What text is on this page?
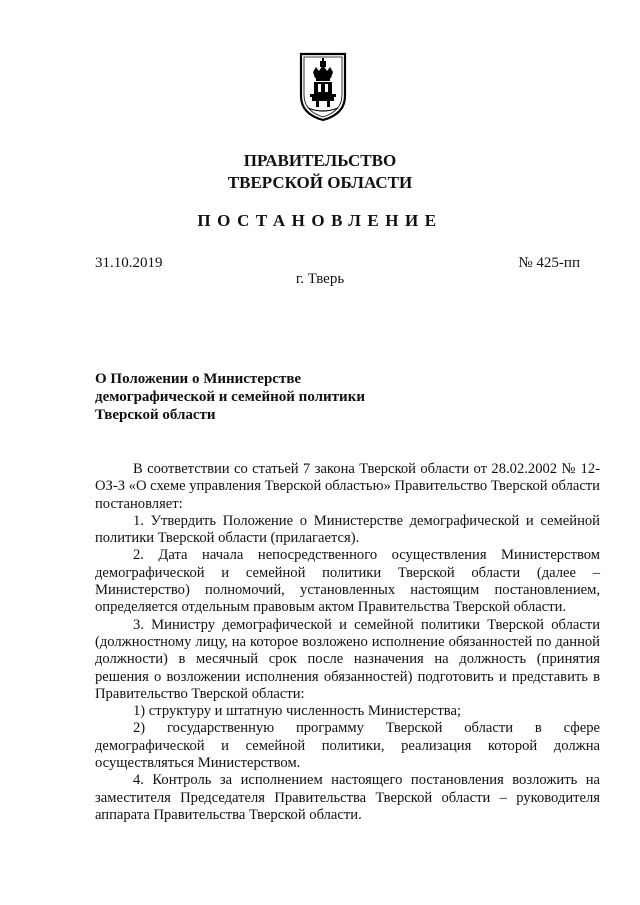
ПРАВИТЕЛЬСТВО
ТВЕРСКОЙ ОБЛАСТИ
ПОСТАНОВЛЕНИЕ
31.10.2019	№ 425-пп
г. Тверь
О Положении о Министерстве
демографической и семейной политики
Тверской области

В соответствии со статьей 7 закона Тверской области от 28.02.2002 № 12-ОЗ-З «О схеме управления Тверской областью» Правительство Тверской области постановляет:

1. Утвердить Положение о Министерстве демографической и семейной политики Тверской области (прилагается).

2. Дата начала непосредственного осуществления Министерством демографической и семейной политики Тверской области (далее – Министерство) полномочий, установленных настоящим постановлением, определяется отдельным правовым актом Правительства Тверской области.

3. Министру демографической и семейной политики Тверской области (должностному лицу, на которое возложено исполнение обязанностей по данной должности) в месячный срок после назначения на должность (принятия решения о возложении исполнения обязанностей) подготовить и представить в Правительство Тверской области:

1) структуру и штатную численность Министерства;

2) государственную программу Тверской области в сфере демографической и семейной политики, реализация которой должна осуществляться Министерством.

4. Контроль за исполнением настоящего постановления возложить на заместителя Председателя Правительства Тверской области – руководителя аппарата Правительства Тверской области.
